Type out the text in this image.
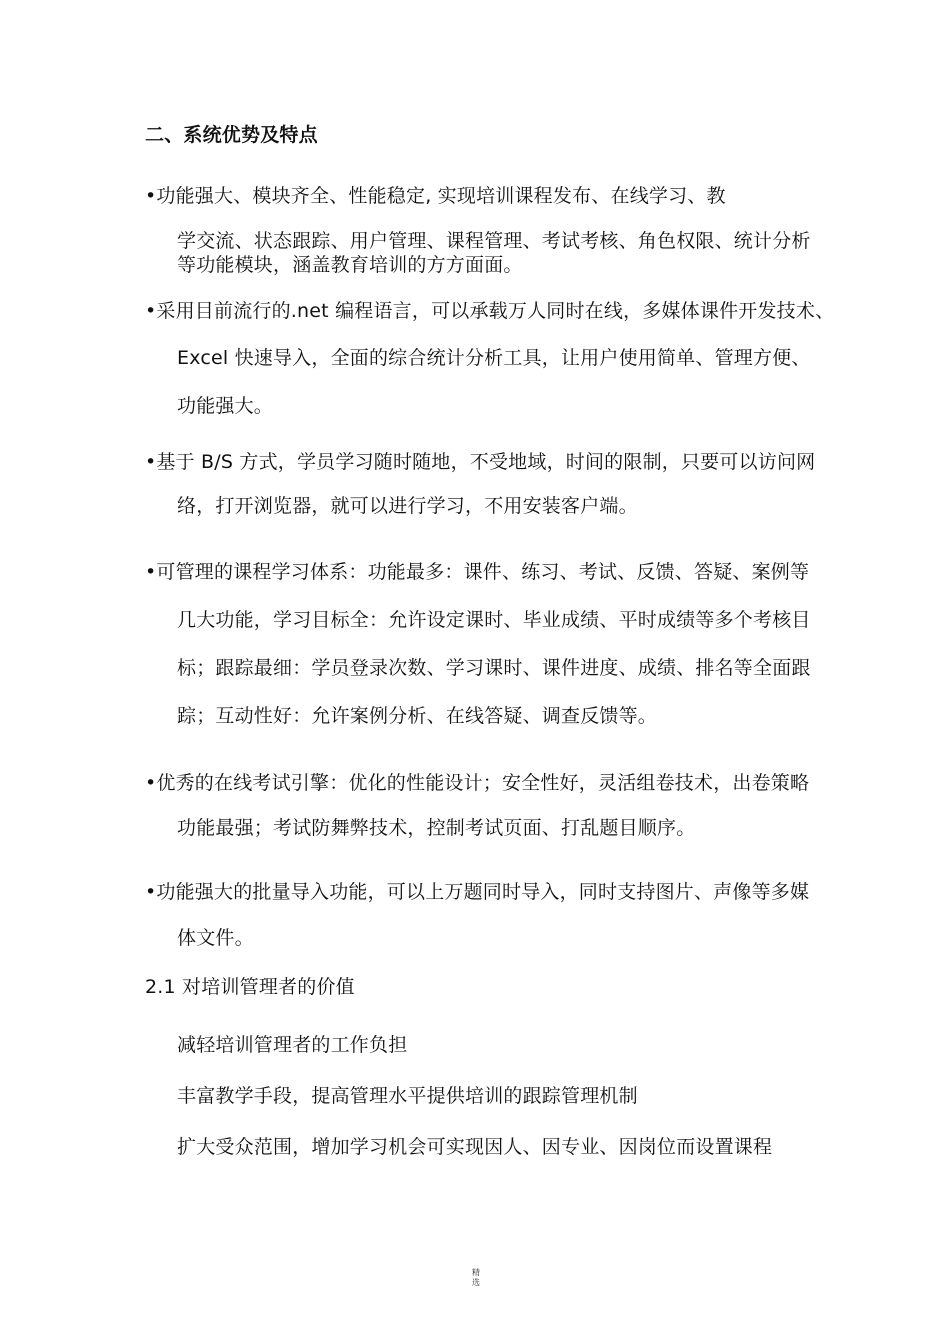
二、系统优势及特点
•功能强大、模块齐全、性能稳定, 实现培训课程发布、在线学习、教
学交流、状态跟踪、用户管理、课程管理、考试考核、角色权限、统计分析
等功能模块，涵盖教育培训的方方面面。
•采用目前流行的.net 编程语言，可以承载万人同时在线，多媒体课件开发技术、
Excel 快速导入，全面的综合统计分析工具，让用户使用简单、管理方便、
功能强大。
•基于 B/S 方式，学员学习随时随地，不受地域，时间的限制，只要可以访问网
络，打开浏览器，就可以进行学习，不用安装客户端。
•可管理的课程学习体系：功能最多：课件、练习、考试、反馈、答疑、案例等
几大功能，学习目标全：允许设定课时、毕业成绩、平时成绩等多个考核目
标；跟踪最细：学员登录次数、学习课时、课件进度、成绩、排名等全面跟
踪；互动性好：允许案例分析、在线答疑、调查反馈等。
•优秀的在线考试引擎：优化的性能设计；安全性好，灵活组卷技术，出卷策略
功能最强；考试防舞弊技术，控制考试页面、打乱题目顺序。
•功能强大的批量导入功能，可以上万题同时导入，同时支持图片、声像等多媒
体文件。
2.1 对培训管理者的价值
减轻培训管理者的工作负担
丰富教学手段，提高管理水平提供培训的跟踪管理机制
扩大受众范围，增加学习机会可实现因人、因专业、因岗位而设置课程
精
选
